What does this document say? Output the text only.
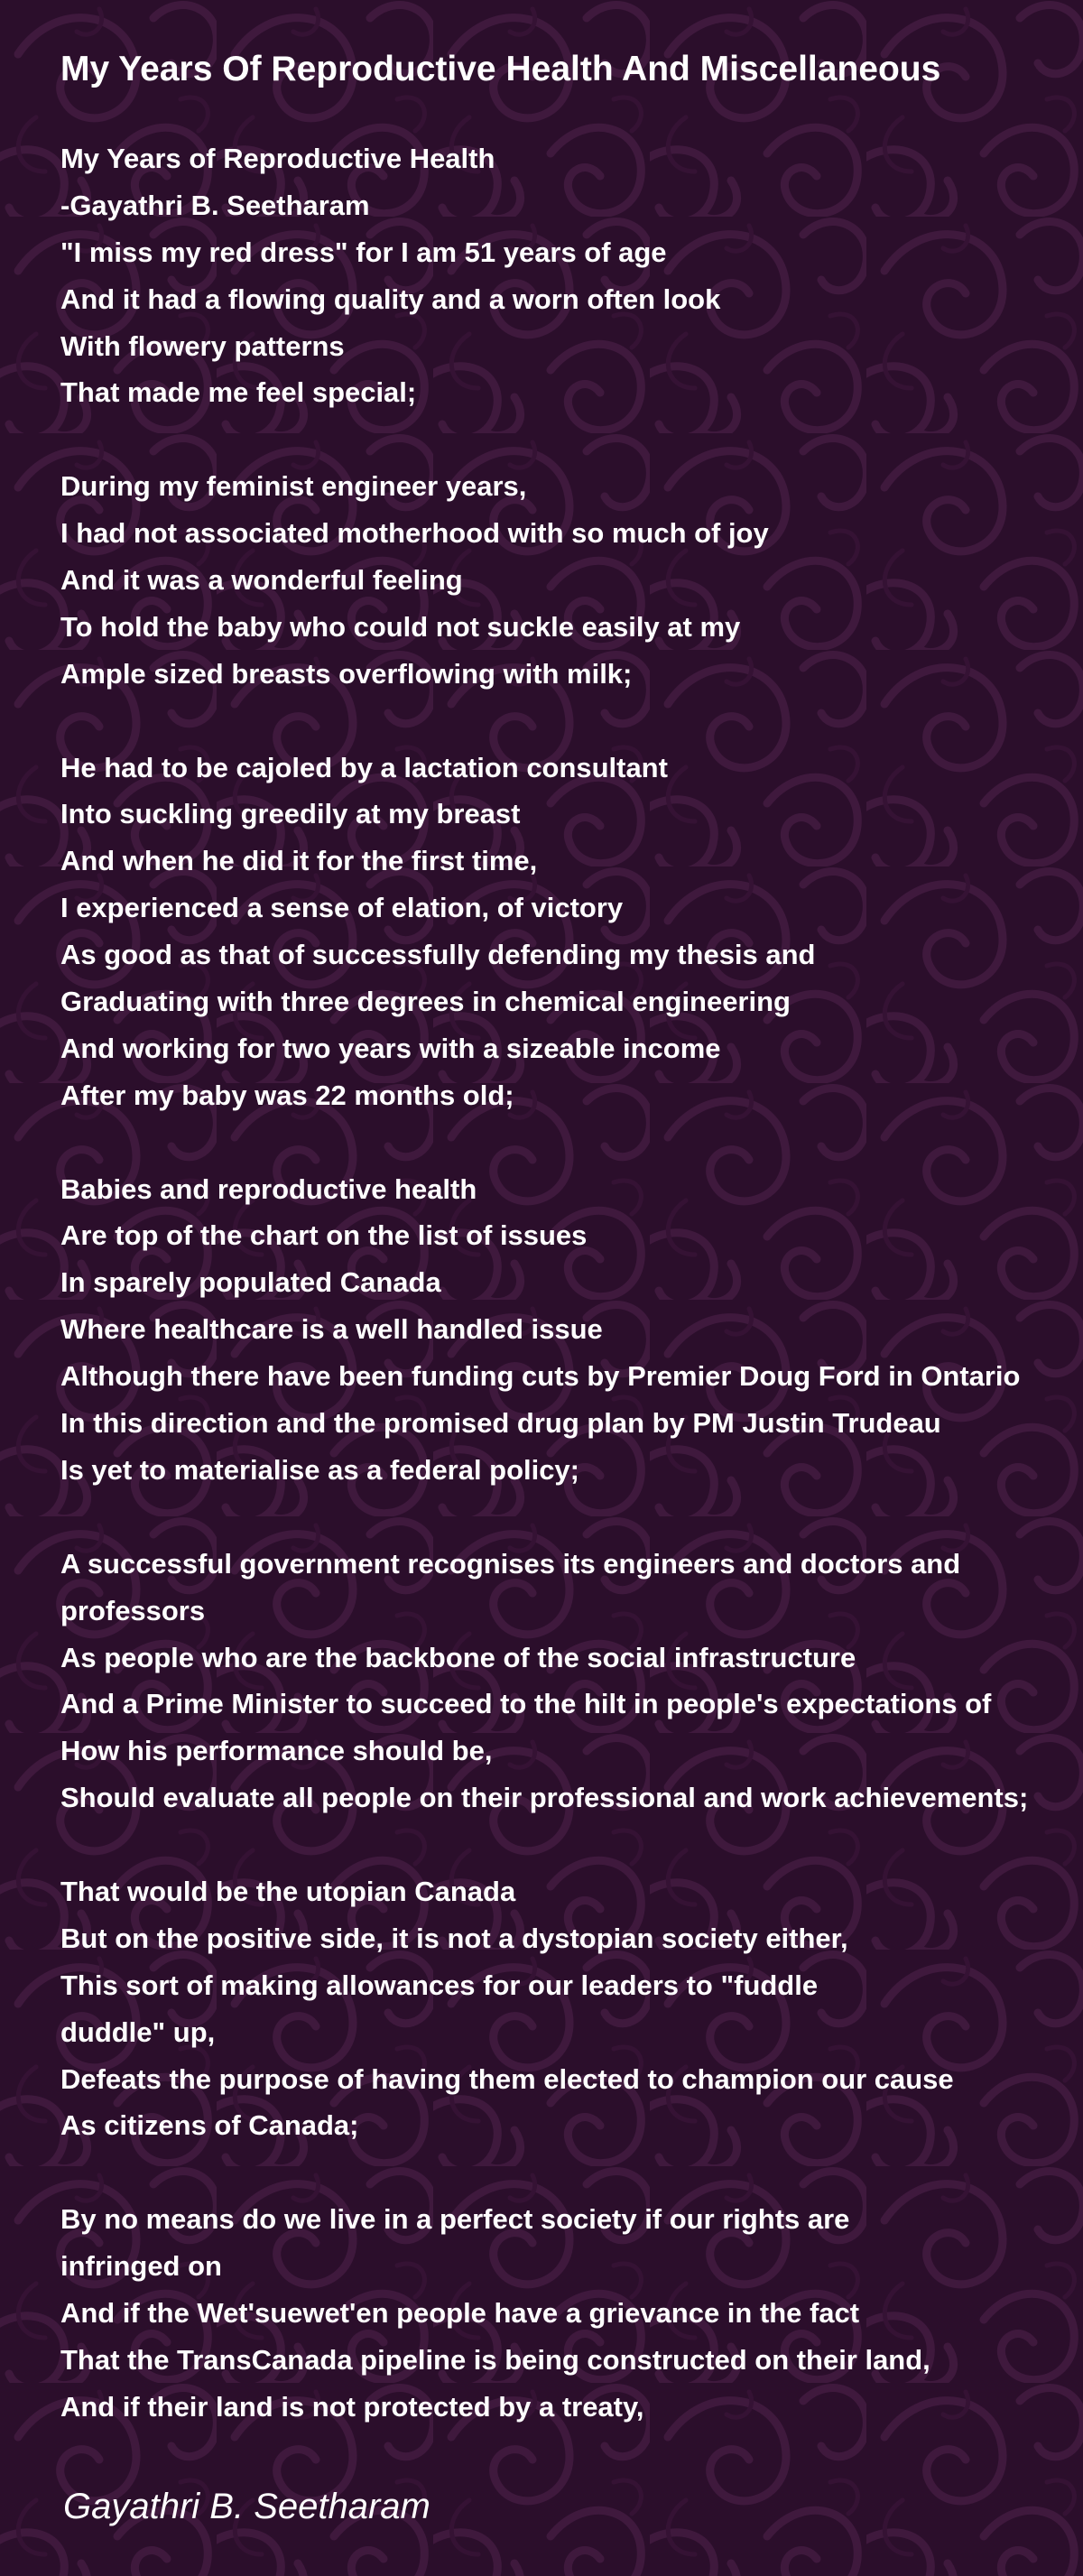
My Years Of Reproductive Health And Miscellaneous
My Years of Reproductive Health
-Gayathri B. Seetharam
"I miss my red dress" for I am 51 years of age
And it had a flowing quality and a worn often look
With flowery patterns
That made me feel special;
During my feminist engineer years,
I had not associated motherhood with so much of joy
And it was a wonderful feeling
To hold the baby who could not suckle easily at my
Ample sized breasts overflowing with milk;
He had to be cajoled by a lactation consultant
Into suckling greedily at my breast
And when he did it for the first time,
I experienced a sense of elation, of victory
As good as that of successfully defending my thesis and
Graduating with three degrees in chemical engineering
And working for two years with a sizeable income
After my baby was 22 months old;
Babies and reproductive health
Are top of the chart on the list of issues
In sparely populated Canada
Where healthcare is a well handled issue
Although there have been funding cuts by Premier Doug Ford in Ontario
In this direction and the promised drug plan by PM Justin Trudeau
Is yet to materialise as a federal policy;
A successful government recognises its engineers and doctors and
professors
As people who are the backbone of the social infrastructure
And a Prime Minister to succeed to the hilt in people's expectations of
How his performance should be,
Should evaluate all people on their professional and work achievements;
That would be the utopian Canada
But on the positive side, it is not a dystopian society either,
This sort of making allowances for our leaders to "fuddle
duddle" up,
Defeats the purpose of having them elected to champion our cause
As citizens of Canada;
By no means do we live in a perfect society if our rights are
infringed on
And if the Wet'suewet'en people have a grievance in the fact
That the TransCanada pipeline is being constructed on their land,
And if their land is not protected by a treaty,

Gayathri B. Seetharam
